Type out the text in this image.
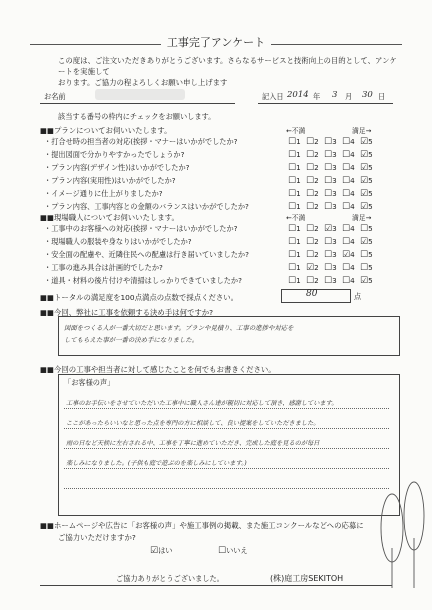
工事完了アンケート
この度は、ご注文いただきありがとうございます。さらなるサービスと技術向上の目的として、アンケートを実施して
おります。ご協力の程よろしくお願い申し上げます
お名前	記入日 2014 年 3 月 30 日
該当する番号の枠内にチェックをお願いします。
■■プランについてお伺いいたします。	←不満	満足→
・打合せ時の担当者の対応(挨拶・マナーはいかがでしたか?	☐1 ☐2 ☐3 ☐4 ☑5
・提出図面で分かりやすかったでしょうか?	☐1 ☐2 ☐3 ☐4 ☑5
・プラン内容(デザイン性)はいかがでしたか?	☐1 ☐2 ☐3 ☐4 ☑5
・プラン内容(実用性)はいかがでしたか?	☐1 ☐2 ☐3 ☐4 ☑5
・イメージ通りに仕上がりましたか?	☐1 ☐2 ☐3 ☐4 ☑5
・プラン内容、工事内容との金額のバランスはいかがでしたか?	☐1 ☐2 ☐3 ☐4 ☑5
■■現場職人についてお伺いいたします。	←不満	満足→
・工事中のお客様への対応(挨拶・マナーはいかがでしたか?	☐1 ☐2 ☑3 ☐4 ☐5
・現場職人の服装や身なりはいかがでしたか?	☐1 ☐2 ☐3 ☐4 ☑5
・安全面の配慮や、近隣住民への配慮は行き届いていましたか?	☐1 ☐2 ☐3 ☑4 ☐5
・工事の進み具合は計画的でしたか?	☐1 ☑2 ☐3 ☐4 ☐5
・道具・材料の後片付けや清掃はしっかりできていましたか?	☐1 ☐2 ☐3 ☐4 ☑5
■■トータルの満足度を100点満点の点数で採点ください。	80	点
■■今回、弊社に工事を依頼する決め手は何ですか?
図面をつくる人が一番大切だと思います。プランや見積り、工事の進捗や対応を
してもらえた事が一番の決め手になりました。
■■今回の工事や担当者に対して感じたことを何でもお書きください。
「お客様の声」
工事のお手伝いをさせていただいた工事中に職人さん達が親切に対応して頂き、感謝しています。
ここがあったらいいなと思った点を専門の方に相談して、良い提案をしていただきました。
雨の日など天候に左右される中、工事を丁寧に進めていただき、完成した庭を見るのが毎日
楽しみになりました。(子供も庭で遊ぶのを楽しみにしています。)
■■ホームページや広告に「お客様の声」や施工事例の掲載、また施工コンクールなどへの応募に
ご協力いただけますか?
☑はい	☐いいえ
ご協力ありがとうございました。	(株)庭工房SEKITOH
